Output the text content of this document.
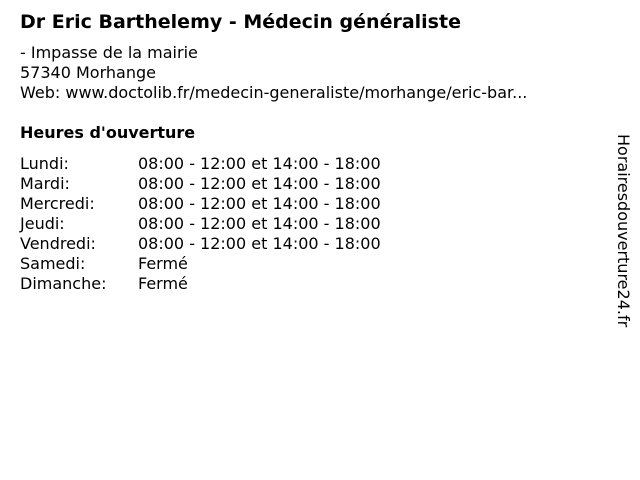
Dr Eric Barthelemy - Médecin généraliste
- Impasse de la mairie
57340 Morhange
Web: www.doctolib.fr/medecin-generaliste/morhange/eric-bar...
Heures d'ouverture
Lundi:	08:00 - 12:00 et 14:00 - 18:00
Mardi:	08:00 - 12:00 et 14:00 - 18:00
Mercredi:	08:00 - 12:00 et 14:00 - 18:00
Jeudi:	08:00 - 12:00 et 14:00 - 18:00
Vendredi:	08:00 - 12:00 et 14:00 - 18:00
Samedi:	Fermé
Dimanche: Fermé	Horairesdouverture24.fr
